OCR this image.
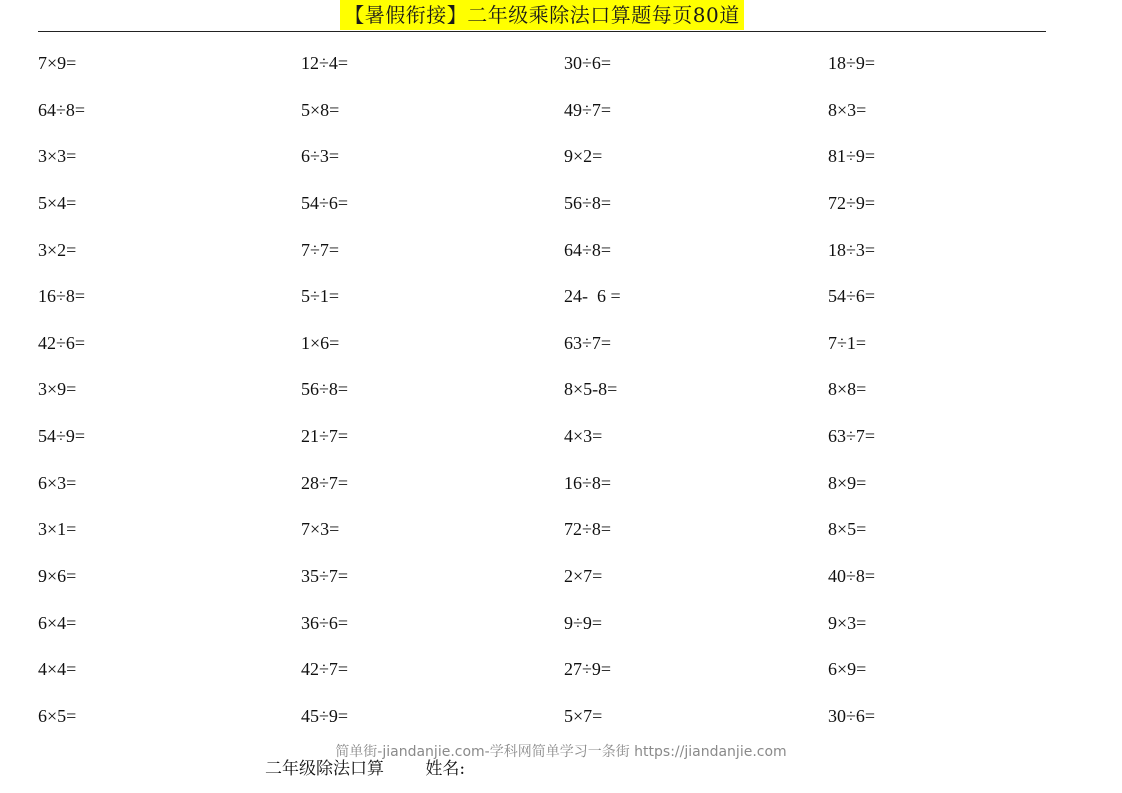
【暑假衔接】二年级乘除法口算题每页80道
7×9=	12÷4=	30÷6=	18÷9=
64÷8=	5×8=	49÷7=	8×3=
3×3=	6÷3=	9×2=	81÷9=
5×4=	54÷6=	56÷8=	72÷9=
3×2=	7÷7=	64÷8=	18÷3=
16÷8=	5÷1=	24-  6 =	54÷6=
42÷6=	1×6=	63÷7=	7÷1=
3×9=	56÷8=	8×5-8=	8×8=
54÷9=	21÷7=	4×3=	63÷7=
6×3=	28÷7=	16÷8=	8×9=
3×1=	7×3=	72÷8=	8×5=
9×6=	35÷7=	2×7=	40÷8=
6×4=	36÷6=	9÷9=	9×3=
4×4=	42÷7=	27÷9=	6×9=
6×5=	45÷9=	5×7=	30÷6=
简单街-jiandanjie.com-学科网简单学习一条街 https://jiandanjie.com
二年级除法口算 姓名:
